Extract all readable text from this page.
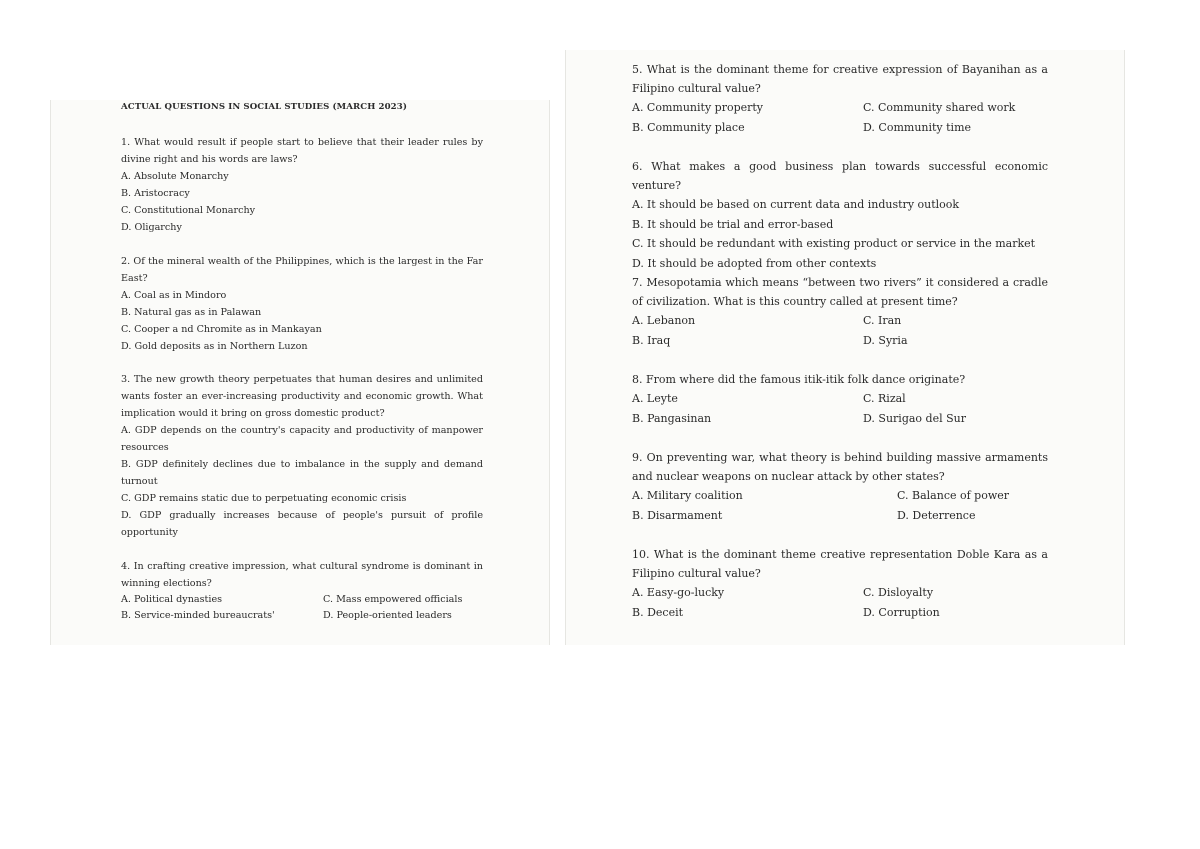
ACTUAL QUESTIONS IN SOCIAL STUDIES (MARCH 2023)
1. What would result if people start to believe that their leader rules by divine right and his words are laws?
A. Absolute Monarchy
B. Aristocracy
C. Constitutional Monarchy
D. Oligarchy
2. Of the mineral wealth of the Philippines, which is the largest in the Far East?
A. Coal as in Mindoro
B. Natural gas as in Palawan
C. Cooper a nd Chromite as in Mankayan
D. Gold deposits as in Northern Luzon
3. The new growth theory perpetuates that human desires and unlimited wants foster an ever-increasing productivity and economic growth. What implication would it bring on gross domestic product?
A. GDP depends on the country's capacity and productivity of manpower resources
B. GDP definitely declines due to imbalance in the supply and demand turnout
C. GDP remains static due to perpetuating economic crisis
D. GDP gradually increases because of people's pursuit of profile opportunity
4. In crafting creative impression, what cultural syndrome is dominant in winning elections?
A. Political dynasties	C. Mass empowered officials
B. Service-minded bureaucrats'	D. People-oriented leaders
5. What is the dominant theme for creative expression of Bayanihan as a Filipino cultural value?
A. Community property	C. Community shared work
B. Community place	D. Community time
6. What makes a good business plan towards successful economic venture?
A. It should be based on current data and industry outlook
B. It should be trial and error-based
C. It should be redundant with existing product or service in the market
D. It should be adopted from other contexts
7. Mesopotamia which means “between two rivers” it considered a cradle of civilization. What is this country called at present time?
A. Lebanon	C. Iran
B. Iraq	D. Syria
8. From where did the famous itik-itik folk dance originate?
A. Leyte	C. Rizal
B. Pangasinan	D. Surigao del Sur
9. On preventing war, what theory is behind building massive armaments and nuclear weapons on nuclear attack by other states?
A. Military coalition	C. Balance of power
B. Disarmament	D. Deterrence
10. What is the dominant theme creative representation Doble Kara as a Filipino cultural value?
A. Easy-go-lucky	C. Disloyalty
B. Deceit	D. Corruption
